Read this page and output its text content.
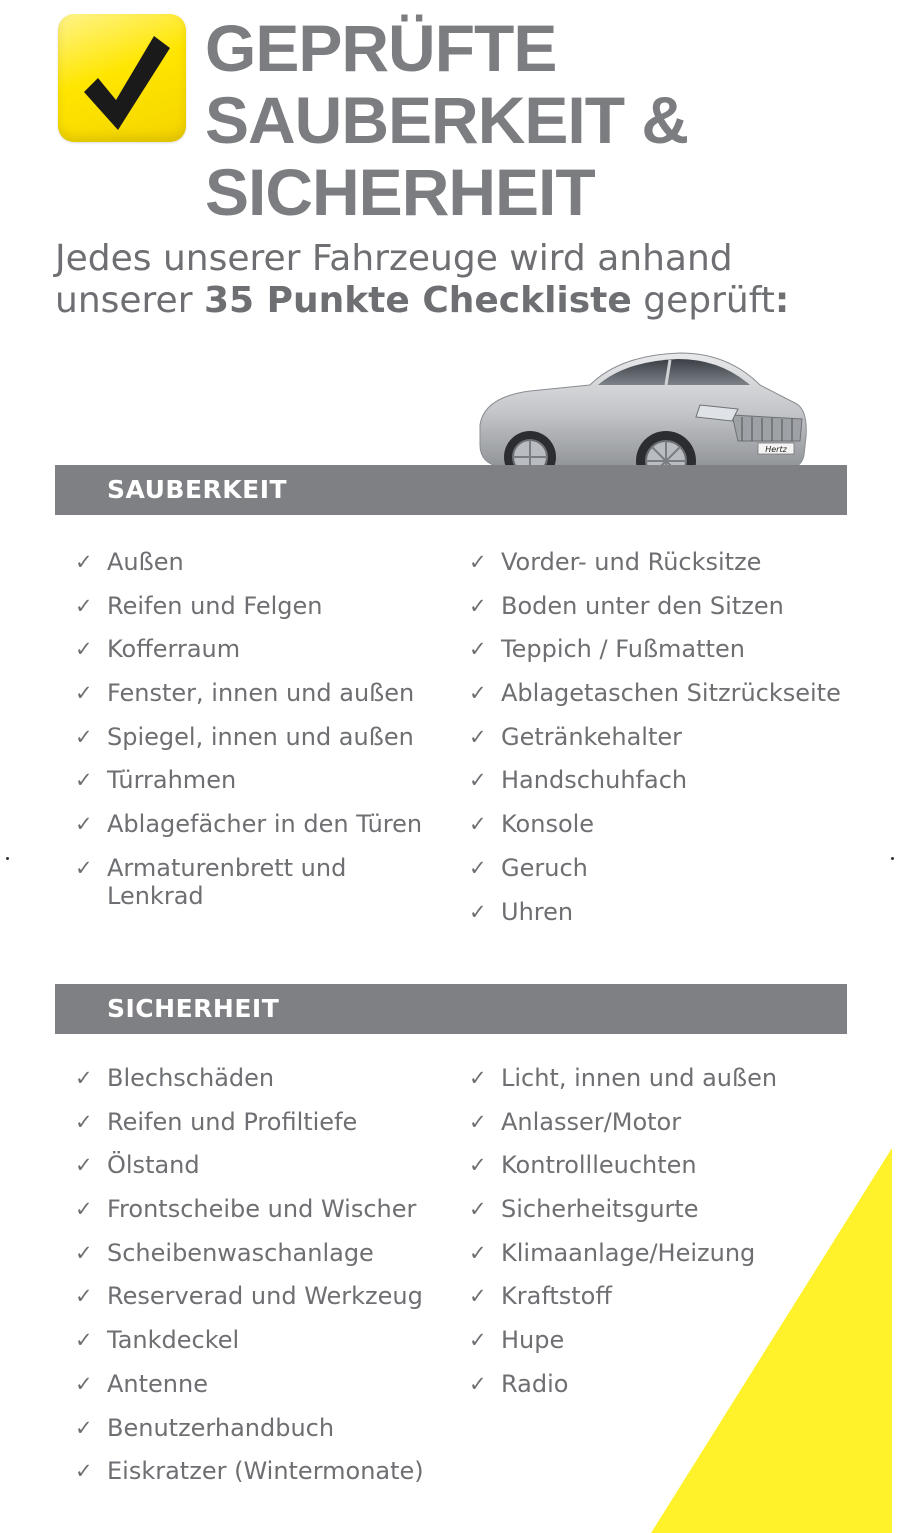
GEPRÜFTE
SAUBERKEIT &
SICHERHEIT

Jedes unserer Fahrzeuge wird anhand
unserer 35 Punkte Checkliste geprüft:

Hertz
SAUBERKEIT
✓ Außen
✓ Reifen und Felgen
✓ Kofferraum
✓ Fenster, innen und außen
✓ Spiegel, innen und außen
✓ Türrahmen
✓ Ablagefächer in den Türen
✓ Armaturenbrett und Lenkrad
✓ Vorder- und Rücksitze
✓ Boden unter den Sitzen
✓ Teppich / Fußmatten
✓ Ablagetaschen Sitzrückseite
✓ Getränkehalter
✓ Handschuhfach
✓ Konsole
✓ Geruch
✓ Uhren
SICHERHEIT
✓ Blechschäden
✓ Reifen und Profiltiefe
✓ Ölstand
✓ Frontscheibe und Wischer
✓ Scheibenwaschanlage
✓ Reserverad und Werkzeug
✓ Tankdeckel
✓ Antenne
✓ Benutzerhandbuch
✓ Eiskratzer (Wintermonate)
✓ Licht, innen und außen
✓ Anlasser/Motor
✓ Kontrollleuchten
✓ Sicherheitsgurte
✓ Klimaanlage/Heizung
✓ Kraftstoff
✓ Hupe
✓ Radio
